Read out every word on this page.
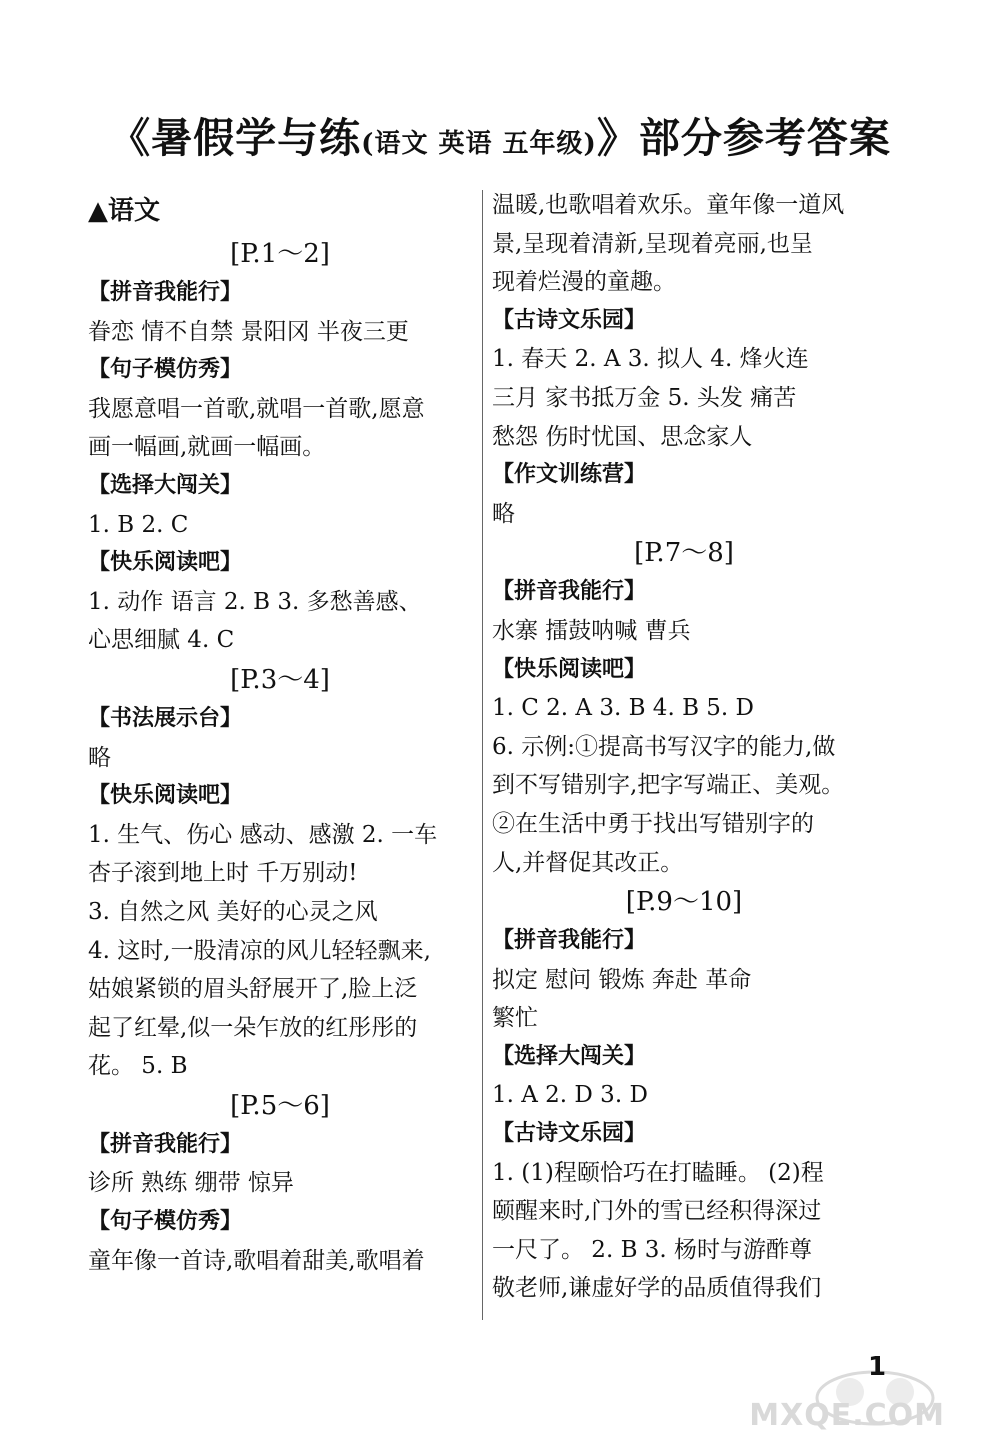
《暑假学与练(语文 英语 五年级)》部分参考答案
▲语文
[P.1～2]
【拼音我能行】
眷恋 情不自禁 景阳冈 半夜三更
【句子模仿秀】
我愿意唱一首歌,就唱一首歌,愿意
画一幅画,就画一幅画。
【选择大闯关】
1. B 2. C
【快乐阅读吧】
1. 动作 语言 2. B 3. 多愁善感、
心思细腻 4. C
[P.3～4]
【书法展示台】
略
【快乐阅读吧】
1. 生气、伤心 感动、感激 2. 一车
杏子滚到地上时 千万别动!
3. 自然之风 美好的心灵之风
4. 这时,一股清凉的风儿轻轻飘来,
姑娘紧锁的眉头舒展开了,脸上泛
起了红晕,似一朵乍放的红彤彤的
花。 5. B
[P.5～6]
【拼音我能行】
诊所 熟练 绷带 惊异
【句子模仿秀】
童年像一首诗,歌唱着甜美,歌唱着
温暖,也歌唱着欢乐。童年像一道风
景,呈现着清新,呈现着亮丽,也呈
现着烂漫的童趣。
【古诗文乐园】
1. 春天 2. A 3. 拟人 4. 烽火连
三月 家书抵万金 5. 头发 痛苦
愁怨 伤时忧国、思念家人
【作文训练营】
略
[P.7～8]
【拼音我能行】
水寨 擂鼓呐喊 曹兵
【快乐阅读吧】
1. C 2. A 3. B 4. B 5. D
6. 示例:①提高书写汉字的能力,做
到不写错别字,把字写端正、美观。
②在生活中勇于找出写错别字的
人,并督促其改正。
[P.9～10]
【拼音我能行】
拟定 慰问 锻炼 奔赴 革命
繁忙
【选择大闯关】
1. A 2. D 3. D
【古诗文乐园】
1. (1)程颐恰巧在打瞌睡。 (2)程
颐醒来时,门外的雪已经积得深过
一尺了。 2. B 3. 杨时与游酢尊
敬老师,谦虚好学的品质值得我们
1
MXQE.COM
